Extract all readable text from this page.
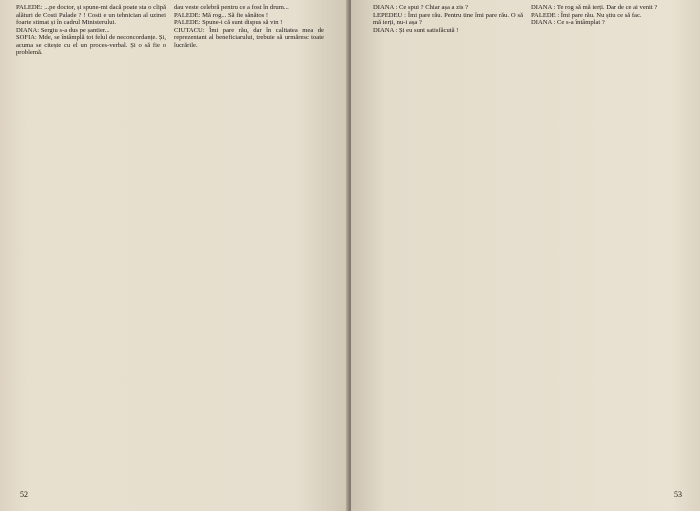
PALEDE: ...pe doctor, și spune-mi dacă poate sta o clipă alături de Costi Palade ? ! Costi e un tehnician al uzinei foarte stimat și în cadrul Ministerului.

DIANA: Sergiu s-a dus pe șantier...

SOFIA: Mde, se întâmplă tot felul de neconcordanțe. Și, acuma se citește cu el un proces-verbal. Și o să fie o problemă.

dau veste celebră pentru ce a fost în drum...

PALEDE: Mă rog... Să fie sănătos !

PALEDE: Spune-i că sunt dispus să vin !

CIUTACU: Îmi pare rău, dar în calitatea mea de reprezentant al beneficiarului, trebuie să urmăresc toate lucrările.

52

DIANA : Ce spui ? Chiar așa a zis ?

LEPEDEU : Îmi pare rău. Pentru tine îmi pare rău. O să mă ierți, nu-i așa ?

DIANA : Și eu sunt satisfăcută !

DIANA : Te rog să mă ierți. Dar de ce ai venit ?

PALEDE : Îmi pare rău. Nu știu ce să fac.

DIANA : Ce s-a întâmplat ?

53
